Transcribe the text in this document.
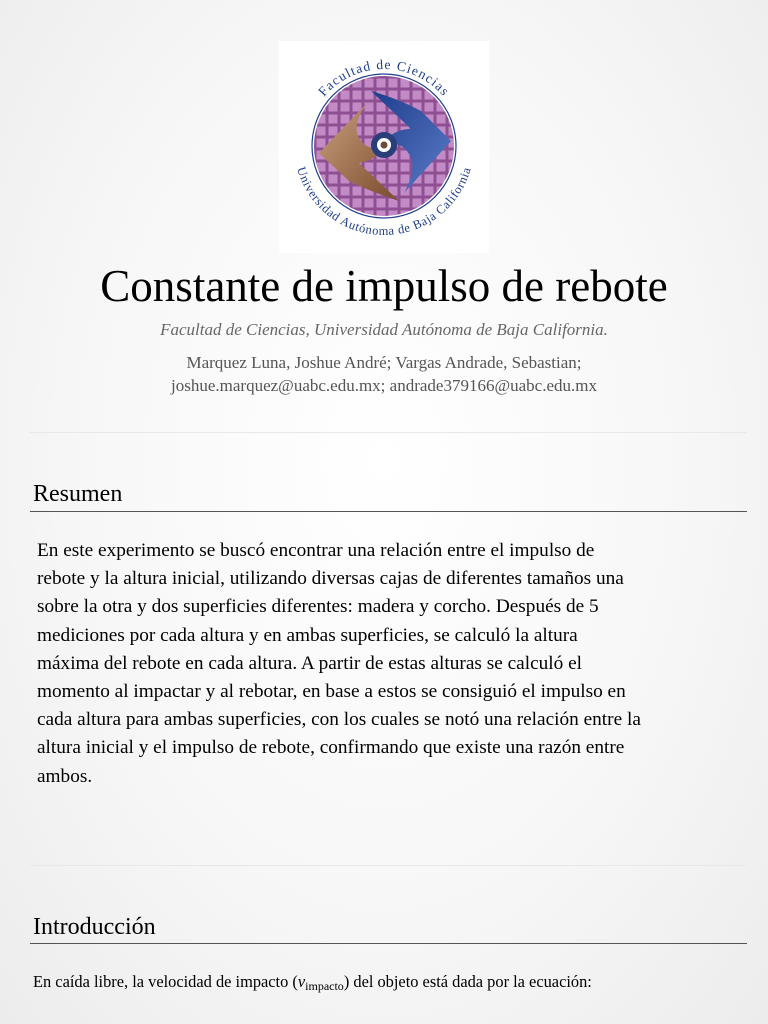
Facultad de Ciencias
Universidad Autónoma de Baja California
Constante de impulso de rebote
Facultad de Ciencias, Universidad Autónoma de Baja California.
Marquez Luna, Joshue André; Vargas Andrade, Sebastian;
joshue.marquez@uabc.edu.mx; andrade379166@uabc.edu.mx
Resumen
En este experimento se buscó encontrar una relación entre el impulso de
rebote y la altura inicial, utilizando diversas cajas de diferentes tamaños una
sobre la otra y dos superficies diferentes: madera y corcho. Después de 5
mediciones por cada altura y en ambas superficies, se calculó la altura
máxima del rebote en cada altura. A partir de estas alturas se calculó el
momento al impactar y al rebotar, en base a estos se consiguió el impulso en
cada altura para ambas superficies, con los cuales se notó una relación entre la
altura inicial y el impulso de rebote, confirmando que existe una razón entre
ambos.
Introducción

En caída libre, la velocidad de impacto (vimpacto) del objeto está dada por la ecuación:
